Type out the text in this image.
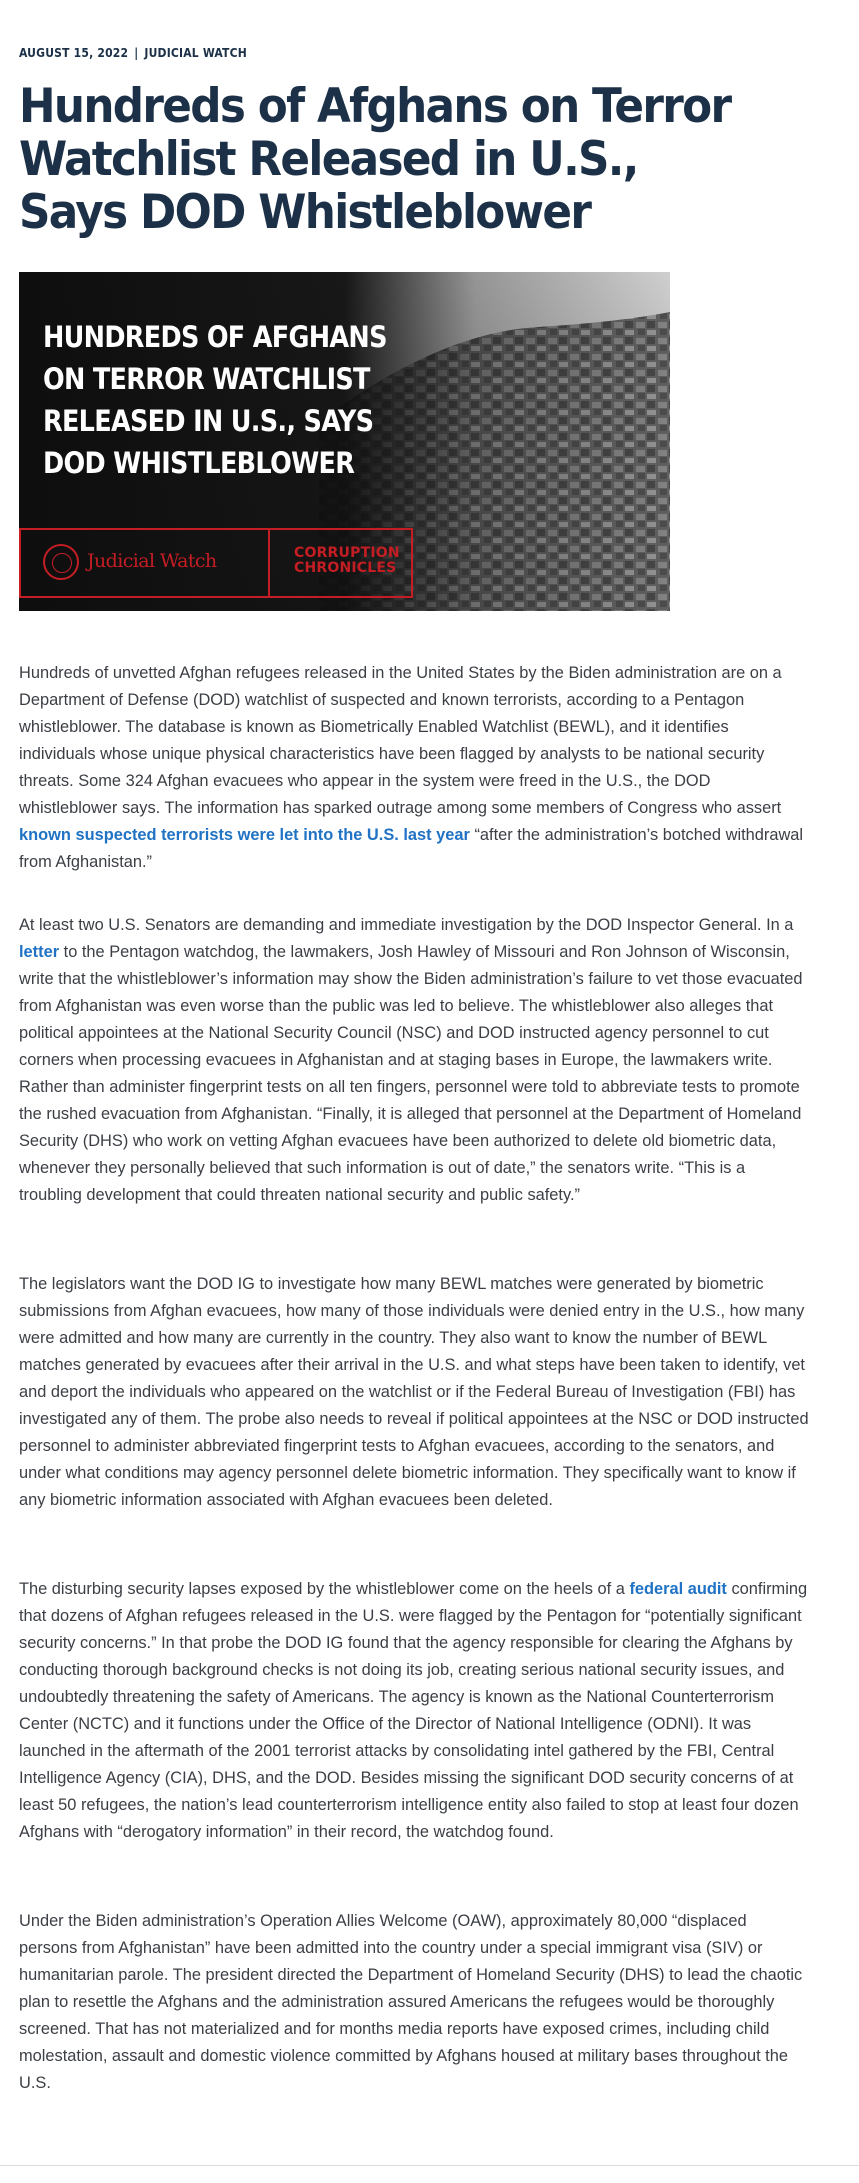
AUGUST 15, 2022 | JUDICIAL WATCH
Hundreds of Afghans on Terror Watchlist Released in U.S., Says DOD Whistleblower

HUNDREDS OF AFGHANS ON TERROR WATCHLIST RELEASED IN U.S., SAYS DOD WHISTLEBLOWER

Judicial Watch	CORRUPTION
CHRONICLES

Hundreds of unvetted Afghan refugees released in the United States by the Biden administration are on a Department of Defense (DOD) watchlist of suspected and known terrorists, according to a Pentagon whistleblower. The database is known as Biometrically Enabled Watchlist (BEWL), and it identifies individuals whose unique physical characteristics have been flagged by analysts to be national security threats. Some 324 Afghan evacuees who appear in the system were freed in the U.S., the DOD whistleblower says. The information has sparked outrage among some members of Congress who assert known suspected terrorists were let into the U.S. last year “after the administration’s botched withdrawal from Afghanistan.”

At least two U.S. Senators are demanding and immediate investigation by the DOD Inspector General. In a letter to the Pentagon watchdog, the lawmakers, Josh Hawley of Missouri and Ron Johnson of Wisconsin, write that the whistleblower’s information may show the Biden administration’s failure to vet those evacuated from Afghanistan was even worse than the public was led to believe. The whistleblower also alleges that political appointees at the National Security Council (NSC) and DOD instructed agency personnel to cut corners when processing evacuees in Afghanistan and at staging bases in Europe, the lawmakers write. Rather than administer fingerprint tests on all ten fingers, personnel were told to abbreviate tests to promote the rushed evacuation from Afghanistan. “Finally, it is alleged that personnel at the Department of Homeland Security (DHS) who work on vetting Afghan evacuees have been authorized to delete old biometric data, whenever they personally believed that such information is out of date,” the senators write. “This is a troubling development that could threaten national security and public safety.”

The legislators want the DOD IG to investigate how many BEWL matches were generated by biometric submissions from Afghan evacuees, how many of those individuals were denied entry in the U.S., how many were admitted and how many are currently in the country. They also want to know the number of BEWL matches generated by evacuees after their arrival in the U.S. and what steps have been taken to identify, vet and deport the individuals who appeared on the watchlist or if the Federal Bureau of Investigation (FBI) has investigated any of them. The probe also needs to reveal if political appointees at the NSC or DOD instructed personnel to administer abbreviated fingerprint tests to Afghan evacuees, according to the senators, and under what conditions may agency personnel delete biometric information. They specifically want to know if any biometric information associated with Afghan evacuees been deleted.

The disturbing security lapses exposed by the whistleblower come on the heels of a federal audit confirming that dozens of Afghan refugees released in the U.S. were flagged by the Pentagon for “potentially significant security concerns.” In that probe the DOD IG found that the agency responsible for clearing the Afghans by conducting thorough background checks is not doing its job, creating serious national security issues, and undoubtedly threatening the safety of Americans. The agency is known as the National Counterterrorism Center (NCTC) and it functions under the Office of the Director of National Intelligence (ODNI). It was launched in the aftermath of the 2001 terrorist attacks by consolidating intel gathered by the FBI, Central Intelligence Agency (CIA), DHS, and the DOD. Besides missing the significant DOD security concerns of at least 50 refugees, the nation’s lead counterterrorism intelligence entity also failed to stop at least four dozen Afghans with “derogatory information” in their record, the watchdog found.

Under the Biden administration’s Operation Allies Welcome (OAW), approximately 80,000 “displaced persons from Afghanistan” have been admitted into the country under a special immigrant visa (SIV) or humanitarian parole. The president directed the Department of Homeland Security (DHS) to lead the chaotic plan to resettle the Afghans and the administration assured Americans the refugees would be thoroughly screened. That has not materialized and for months media reports have exposed crimes, including child molestation, assault and domestic violence committed by Afghans housed at military bases throughout the U.S.
